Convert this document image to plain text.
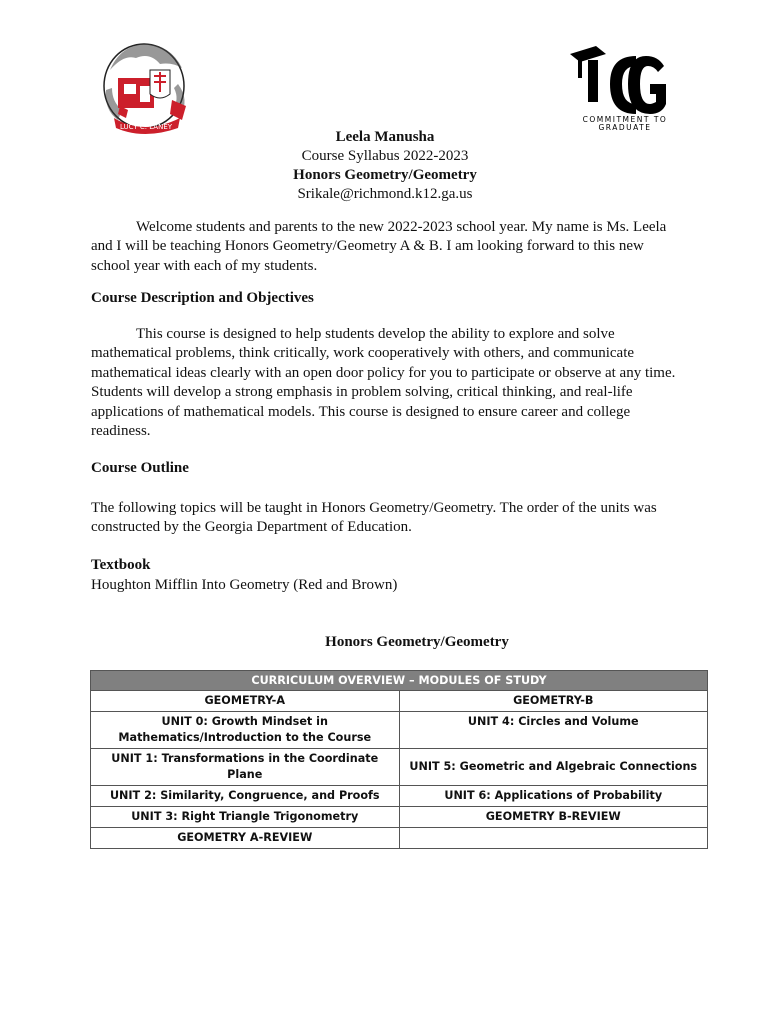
LUCY C. LANEY
2
COMMITMENT TO GRADUATE
Leela Manusha
Course Syllabus 2022-2023
Honors Geometry/Geometry
Srikale@richmond.k12.ga.us
Welcome students and parents to the new 2022-2023 school year. My name is Ms. Leela and I will be teaching Honors Geometry/Geometry A & B. I am looking forward to this new school year with each of my students.
Course Description and Objectives
This course is designed to help students develop the ability to explore and solve mathematical problems, think critically, work cooperatively with others, and communicate mathematical ideas clearly with an open door policy for you to participate or observe at any time. Students will develop a strong emphasis in problem solving, critical thinking, and real-life applications of mathematical models. This course is designed to ensure career and college readiness.
Course Outline
The following topics will be taught in Honors Geometry/Geometry. The order of the units was constructed by the Georgia Department of Education.
Textbook
Houghton Mifflin Into Geometry (Red and Brown)
Honors Geometry/Geometry
CURRICULUM OVERVIEW – MODULES OF STUDY	
GEOMETRY-A	GEOMETRY-B
UNIT 0: Growth Mindset in Mathematics/Introduction to the Course	UNIT 4: Circles and Volume
UNIT 1: Transformations in the Coordinate Plane	UNIT 5: Geometric and Algebraic Connections
UNIT 2: Similarity, Congruence, and Proofs	UNIT 6: Applications of Probability
UNIT 3: Right Triangle Trigonometry	GEOMETRY B-REVIEW
GEOMETRY A-REVIEW	
